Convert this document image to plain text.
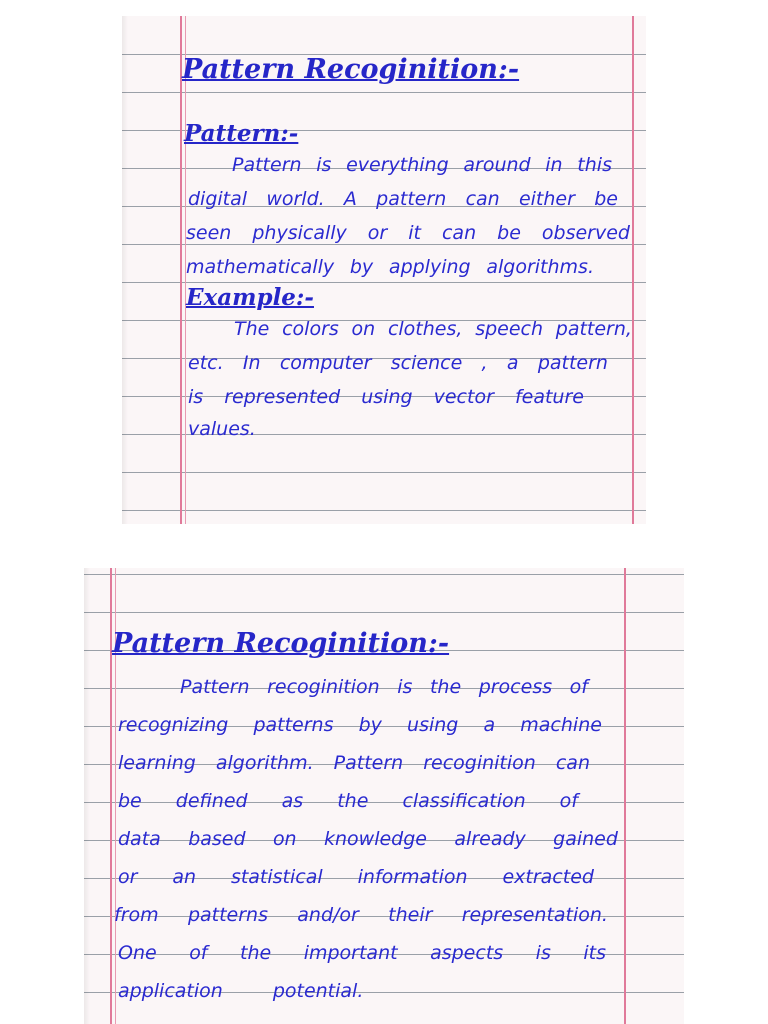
Pattern Recoginition:-
Pattern:-
Pattern is everything around in this
digital world. A pattern can either be
seen physically or it can be observed
mathematically by applying algorithms.
Example:-
The colors on clothes, speech pattern,
etc. In computer science , a pattern
is represented using vector feature
values.
Pattern Recoginition:-
Pattern recoginition is the process of
recognizing patterns by using a machine
learning algorithm. Pattern recoginition can
be defined as the classification of
data based on knowledge already gained
or an statistical information extracted
from patterns and/or their representation.
One of the important aspects is its
application	potential.
